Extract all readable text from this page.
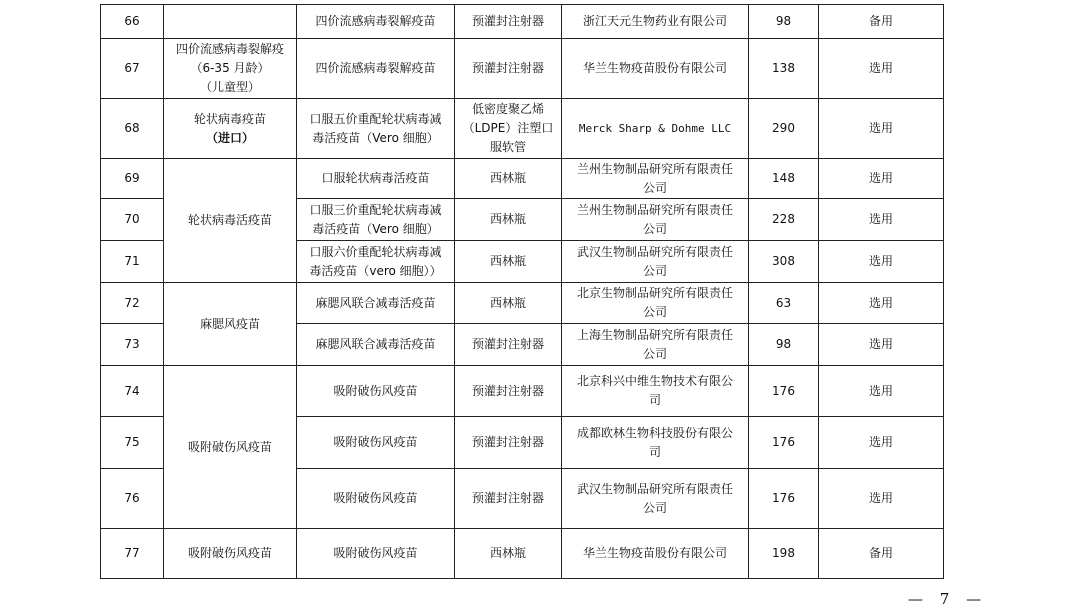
66		四价流感病毒裂解疫苗	预灌封注射器	浙江天元生物药业有限公司	98	备用
67	四价流感病毒裂解疫
（6-35 月龄）
（儿童型）	四价流感病毒裂解疫苗	预灌封注射器	华兰生物疫苗股份有限公司	138	选用
68	轮状病毒疫苗
（进口）	口服五价重配轮状病毒减
毒活疫苗（Vero 细胞）	低密度聚乙烯
（LDPE）注塑口
服软管	Merck Sharp & Dohme LLC	290	选用
69	轮状病毒活疫苗	口服轮状病毒活疫苗	西林瓶	兰州生物制品研究所有限责任
公司	148	选用
70		口服三价重配轮状病毒减
毒活疫苗（Vero 细胞）	西林瓶	兰州生物制品研究所有限责任
公司	228	选用
71		口服六价重配轮状病毒减
毒活疫苗（vero 细胞））	西林瓶	武汉生物制品研究所有限责任
公司	308	选用
72	麻腮风疫苗	麻腮风联合减毒活疫苗	西林瓶	北京生物制品研究所有限责任
公司	63	选用
73		麻腮风联合减毒活疫苗	预灌封注射器	上海生物制品研究所有限责任
公司	98	选用
74	吸附破伤风疫苗	吸附破伤风疫苗	预灌封注射器	北京科兴中维生物技术有限公
司	176	选用
75		吸附破伤风疫苗	预灌封注射器	成都欧林生物科技股份有限公
司	176	选用
76		吸附破伤风疫苗	预灌封注射器	武汉生物制品研究所有限责任
公司	176	选用
77	吸附破伤风疫苗	吸附破伤风疫苗	西林瓶	华兰生物疫苗股份有限公司	198	备用
— 7 —
